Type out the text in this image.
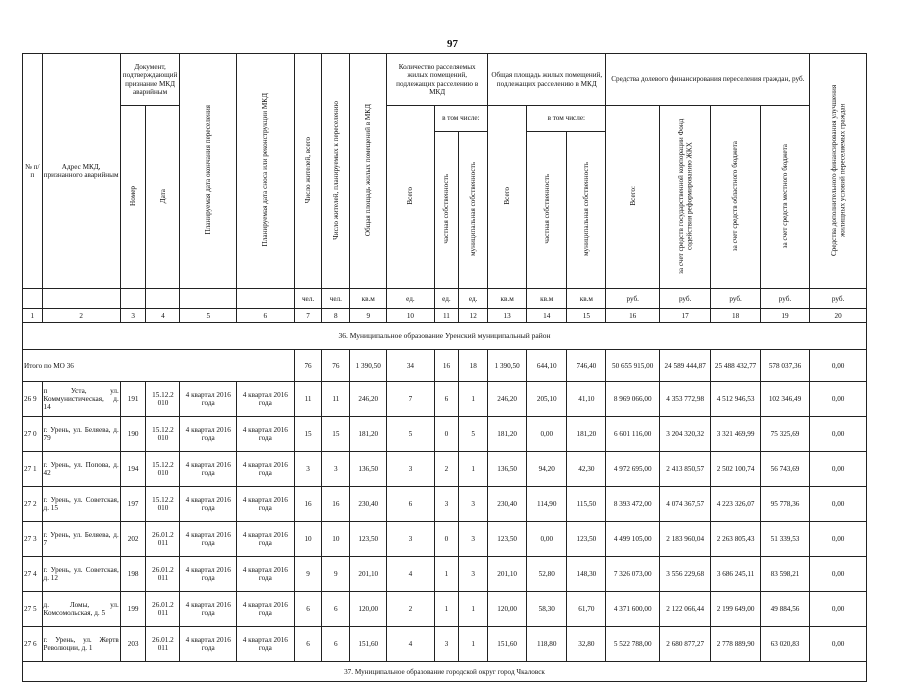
97
№ п/п	Адрес МКД, признанного аварийным	Документ, подтверждающий признание МКД аварийным		Планируемая дата окончания переселения	Планируемая дата сноса или реконструкции МКД	Число жителей, всего	Число жителей, планируемых к переселению	Общая площадь жилых помещений в МКД	Количество расселяемых жилых помещений, подлежащих расселению в МКД			Общая площадь жилых помещений, подлежащих расселению в МКД			Средства долевого финансирования переселения граждан, руб.				Средства дополнительного финансирования улучшения жилищных условий переселяемых граждан
		Номер	Дата						Всего	в том числе:		Всего	в том числе:		Всего:	за счет средств государственной корпорации Фонд содействия реформированию ЖКХ	за счет средств областного бюджета	за счет средств местного бюджета	
										частная собственность	муниципальная собственность		частная собственность	муниципальная собственность					
						чел.	чел.	кв.м	ед.	ед.	ед.	кв.м	кв.м	кв.м	руб.	руб.	руб.	руб.	руб.
1	2	3	4	5	6	7	8	9	10	11	12	13	14	15	16	17	18	19	20
36. Муниципальное образование Уренский муниципальный район																			
Итого по МО 36						76	76	1 390,50	34	16	18	1 390,50	644,10	746,40	50 655 915,00	24 589 444,87	25 488 432,77	578 037,36	0,00
26 9	п Уста, ул. Коммунистическая, д. 14	191	15.12.2 010	4 квартал 2016 года	4 квартал 2016 года	11	11	246,20	7	6	1	246,20	205,10	41,10	8 969 066,00	4 353 772,98	4 512 946,53	102 346,49	0,00
27 0	г. Урень, ул. Беляева, д. 79	190	15.12.2 010	4 квартал 2016 года	4 квартал 2016 года	15	15	181,20	5	0	5	181,20	0,00	181,20	6 601 116,00	3 204 320,32	3 321 469,99	75 325,69	0,00
27 1	г. Урень, ул. Попова, д. 42	194	15.12.2 010	4 квартал 2016 года	4 квартал 2016 года	3	3	136,50	3	2	1	136,50	94,20	42,30	4 972 695,00	2 413 850,57	2 502 100,74	56 743,69	0,00
27 2	г. Урень, ул. Советская, д. 15	197	15.12.2 010	4 квартал 2016 года	4 квартал 2016 года	16	16	230,40	6	3	3	230,40	114,90	115,50	8 393 472,00	4 074 367,57	4 223 326,07	95 778,36	0,00
27 3	г. Урень, ул. Беляева, д. 7	202	26.01.2 011	4 квартал 2016 года	4 квартал 2016 года	10	10	123,50	3	0	3	123,50	0,00	123,50	4 499 105,00	2 183 960,04	2 263 805,43	51 339,53	0,00
27 4	г. Урень, ул. Советская, д. 12	198	26.01.2 011	4 квартал 2016 года	4 квартал 2016 года	9	9	201,10	4	1	3	201,10	52,80	148,30	7 326 073,00	3 556 229,68	3 686 245,11	83 598,21	0,00
27 5	д. Ломы, ул. Комсомольская, д. 5	199	26.01.2 011	4 квартал 2016 года	4 квартал 2016 года	6	6	120,00	2	1	1	120,00	58,30	61,70	4 371 600,00	2 122 066,44	2 199 649,00	49 884,56	0,00
27 6	г. Урень, ул. Жертв Революции, д. 1	203	26.01.2 011	4 квартал 2016 года	4 квартал 2016 года	6	6	151,60	4	3	1	151,60	118,80	32,80	5 522 788,00	2 680 877,27	2 778 889,90	63 020,83	0,00
37. Муниципальное образование городской округ город Чкаловск																			
